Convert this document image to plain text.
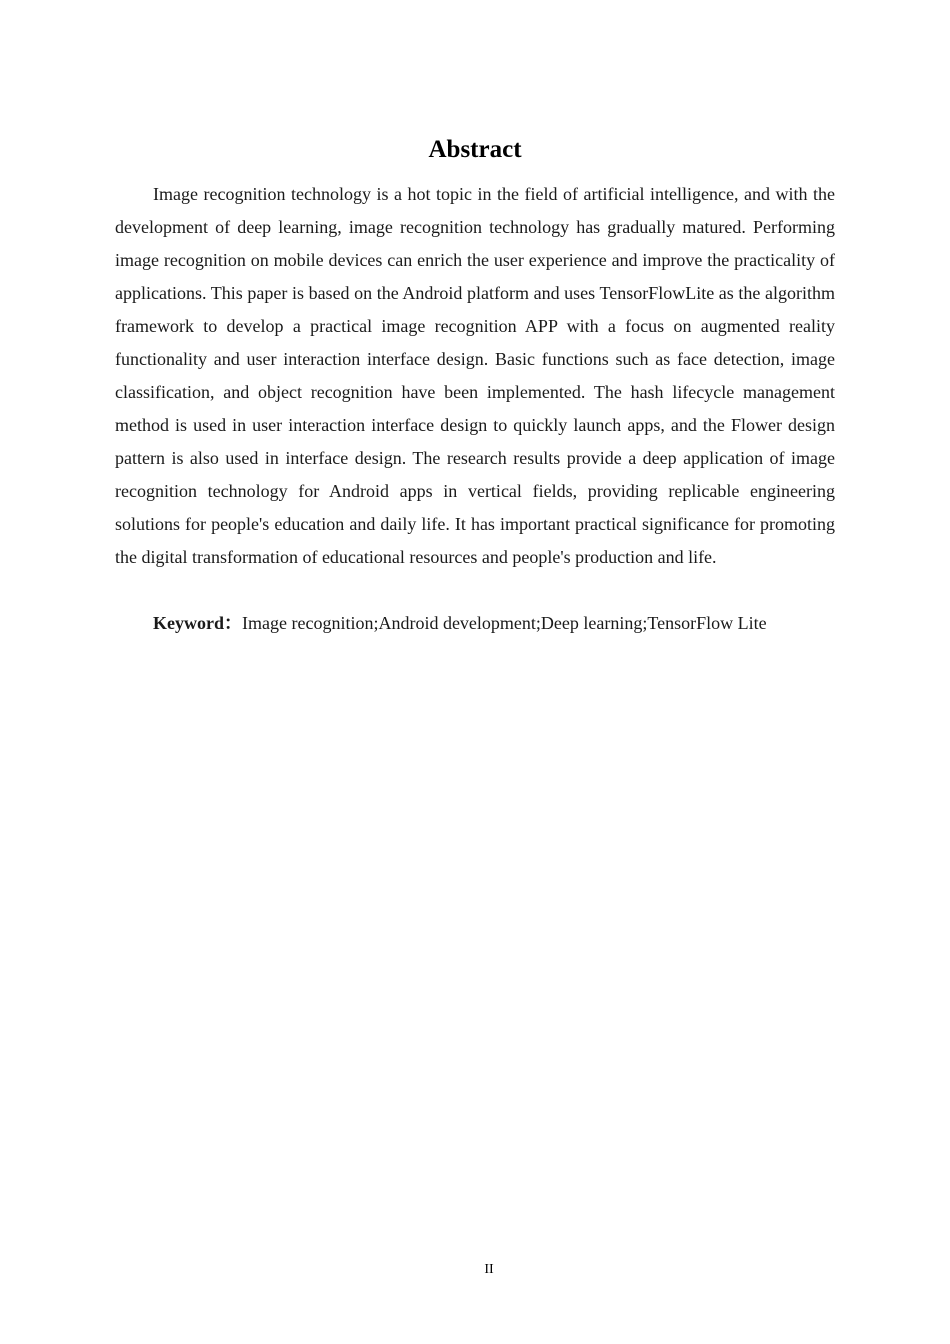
Abstract

Image recognition technology is a hot topic in the field of artificial intelligence, and with the development of deep learning, image recognition technology has gradually matured. Performing image recognition on mobile devices can enrich the user experience and improve the practicality of applications. This paper is based on the Android platform and uses TensorFlowLite as the algorithm framework to develop a practical image recognition APP with a focus on augmented reality functionality and user interaction interface design. Basic functions such as face detection, image classification, and object recognition have been implemented. The hash lifecycle management method is used in user interaction interface design to quickly launch apps, and the Flower design pattern is also used in interface design. The research results provide a deep application of image recognition technology for Android apps in vertical fields, providing replicable engineering solutions for people's education and daily life. It has important practical significance for promoting the digital transformation of educational resources and people's production and life.

Keyword：Image recognition;Android development;Deep learning;TensorFlow Lite

II
